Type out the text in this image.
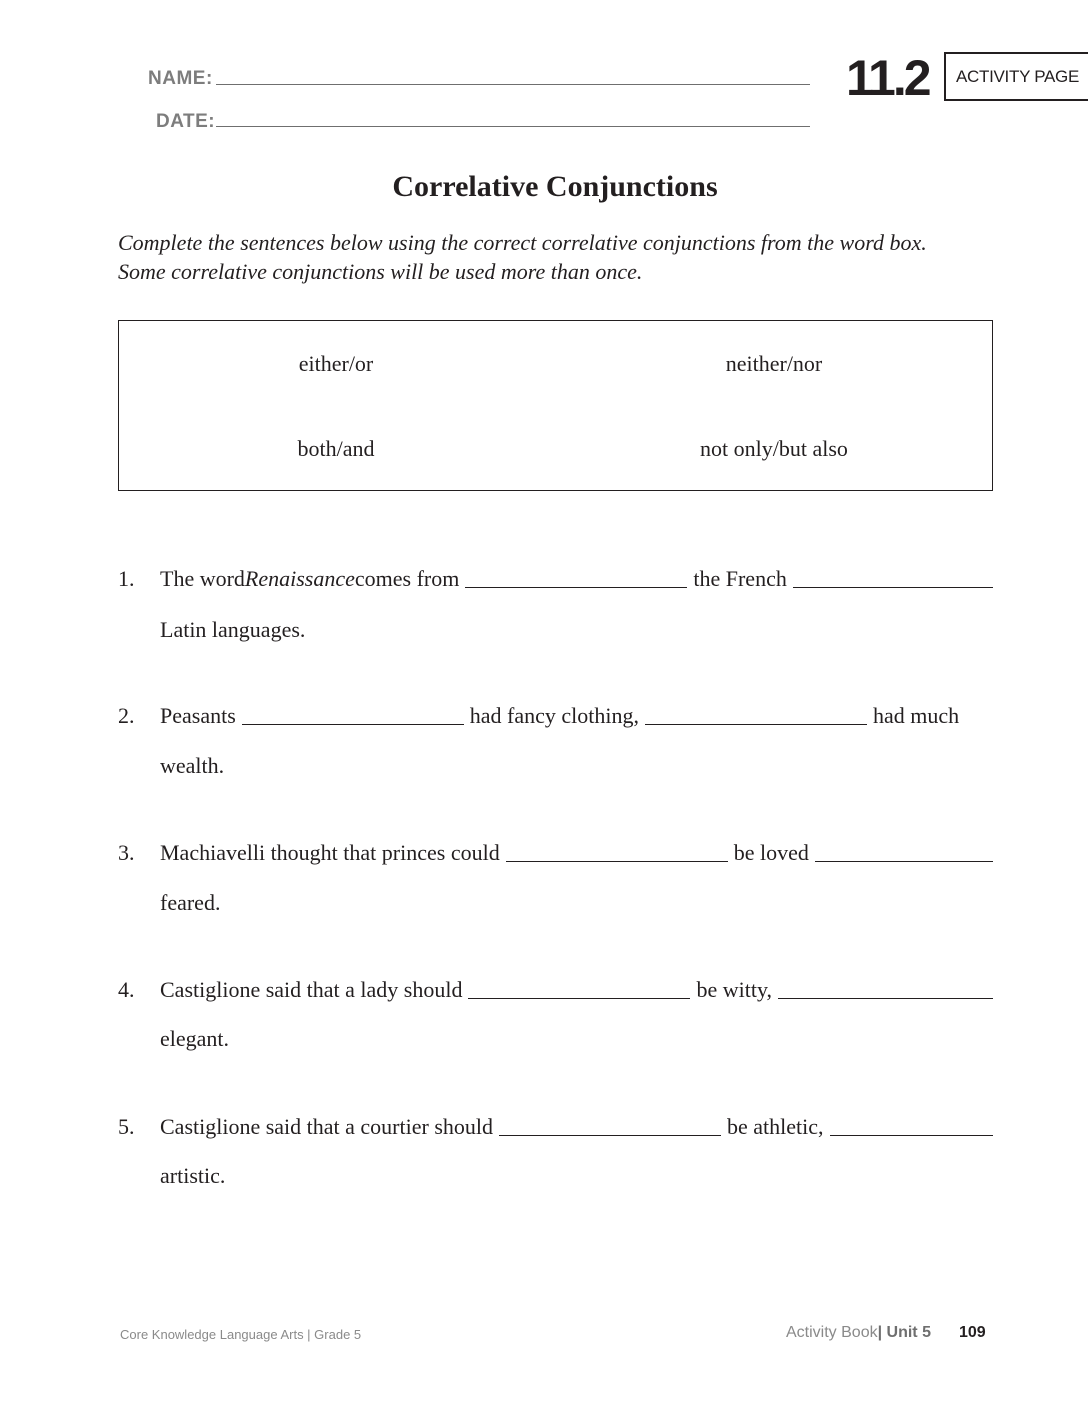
NAME:
DATE:
11.2 ACTIVITY PAGE
Correlative Conjunctions
Complete the sentences below using the correct correlative conjunctions from the word box.
Some correlative conjunctions will be used more than once.
either/or	neither/nor
both/and	not only/but also
1. The word Renaissance comes from	the French
Latin languages.
2. Peasants	had fancy clothing,	had much
wealth.
3. Machiavelli thought that princes could	be loved
feared.
4. Castiglione said that a lady should	be witty,
elegant.
5. Castiglione said that a courtier should	be athletic,
artistic.
Core Knowledge Language Arts | Grade 5	Activity Book| Unit 5 109
